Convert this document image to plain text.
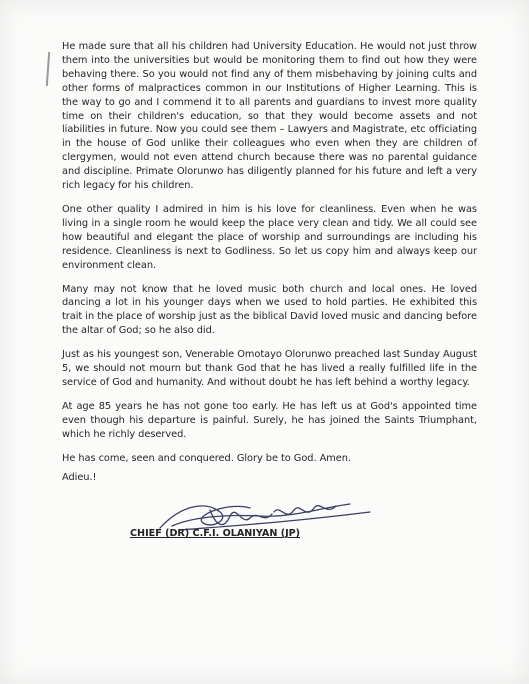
He made sure that all his children had University Education. He would not just throw them into the universities but would be monitoring them to find out how they were behaving there. So you would not find any of them misbehaving by joining cults and other forms of malpractices common in our Institutions of Higher Learning. This is the way to go and I commend it to all parents and guardians to invest more quality time on their children's education, so that they would become assets and not liabilities in future. Now you could see them – Lawyers and Magistrate, etc officiating in the house of God unlike their colleagues who even when they are children of clergymen, would not even attend church because there was no parental guidance and discipline. Primate Olorunwo has diligently planned for his future and left a very rich legacy for his children.

One other quality I admired in him is his love for cleanliness. Even when he was living in a single room he would keep the place very clean and tidy. We all could see how beautiful and elegant the place of worship and surroundings are including his residence. Cleanliness is next to Godliness. So let us copy him and always keep our environment clean.

Many may not know that he loved music both church and local ones. He loved dancing a lot in his younger days when we used to hold parties. He exhibited this trait in the place of worship just as the biblical David loved music and dancing before the altar of God; so he also did.

Just as his youngest son, Venerable Omotayo Olorunwo preached last Sunday August 5, we should not mourn but thank God that he has lived a really fulfilled life in the service of God and humanity. And without doubt he has left behind a worthy legacy.

At age 85 years he has not gone too early. He has left us at God's appointed time even though his departure is painful. Surely, he has joined the Saints Triumphant, which he richly deserved.

He has come, seen and conquered. Glory be to God. Amen.

Adieu.!

CHIEF (DR) C.F.I. OLANIYAN (JP)
